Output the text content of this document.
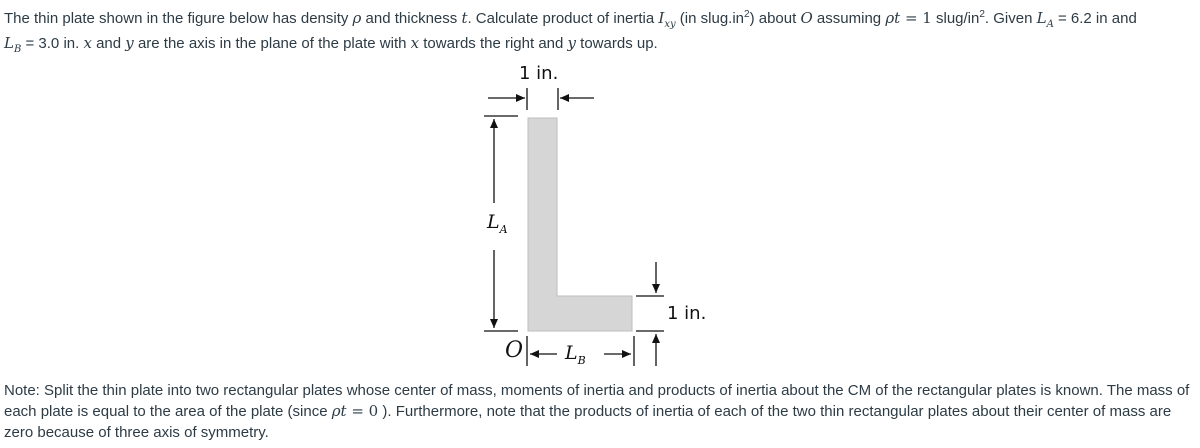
The thin plate shown in the figure below has density ρ and thickness t. Calculate product of inertia $I_{xy}$ (in $slug.in^2$) about O assuming ρt = 1 slug/$in^2$. Given $L_A = 6.2$ in and
$L_B = 3.0$ in. x and y are the axis in the plane of the plate with x towards the right and y towards up.
1 in.
1 in.
$L_A$
$L_B$
O
Note: Split the thin plate into two rectangular plates whose center of mass, moments of inertia and products of inertia about the CM of the rectangular plates is known. The mass of each plate is equal to the area of the plate (since ρt = 0 ). Furthermore, note that the products of inertia of each of the two thin rectangular plates about their center of mass are zero because of three axis of symmetry.
